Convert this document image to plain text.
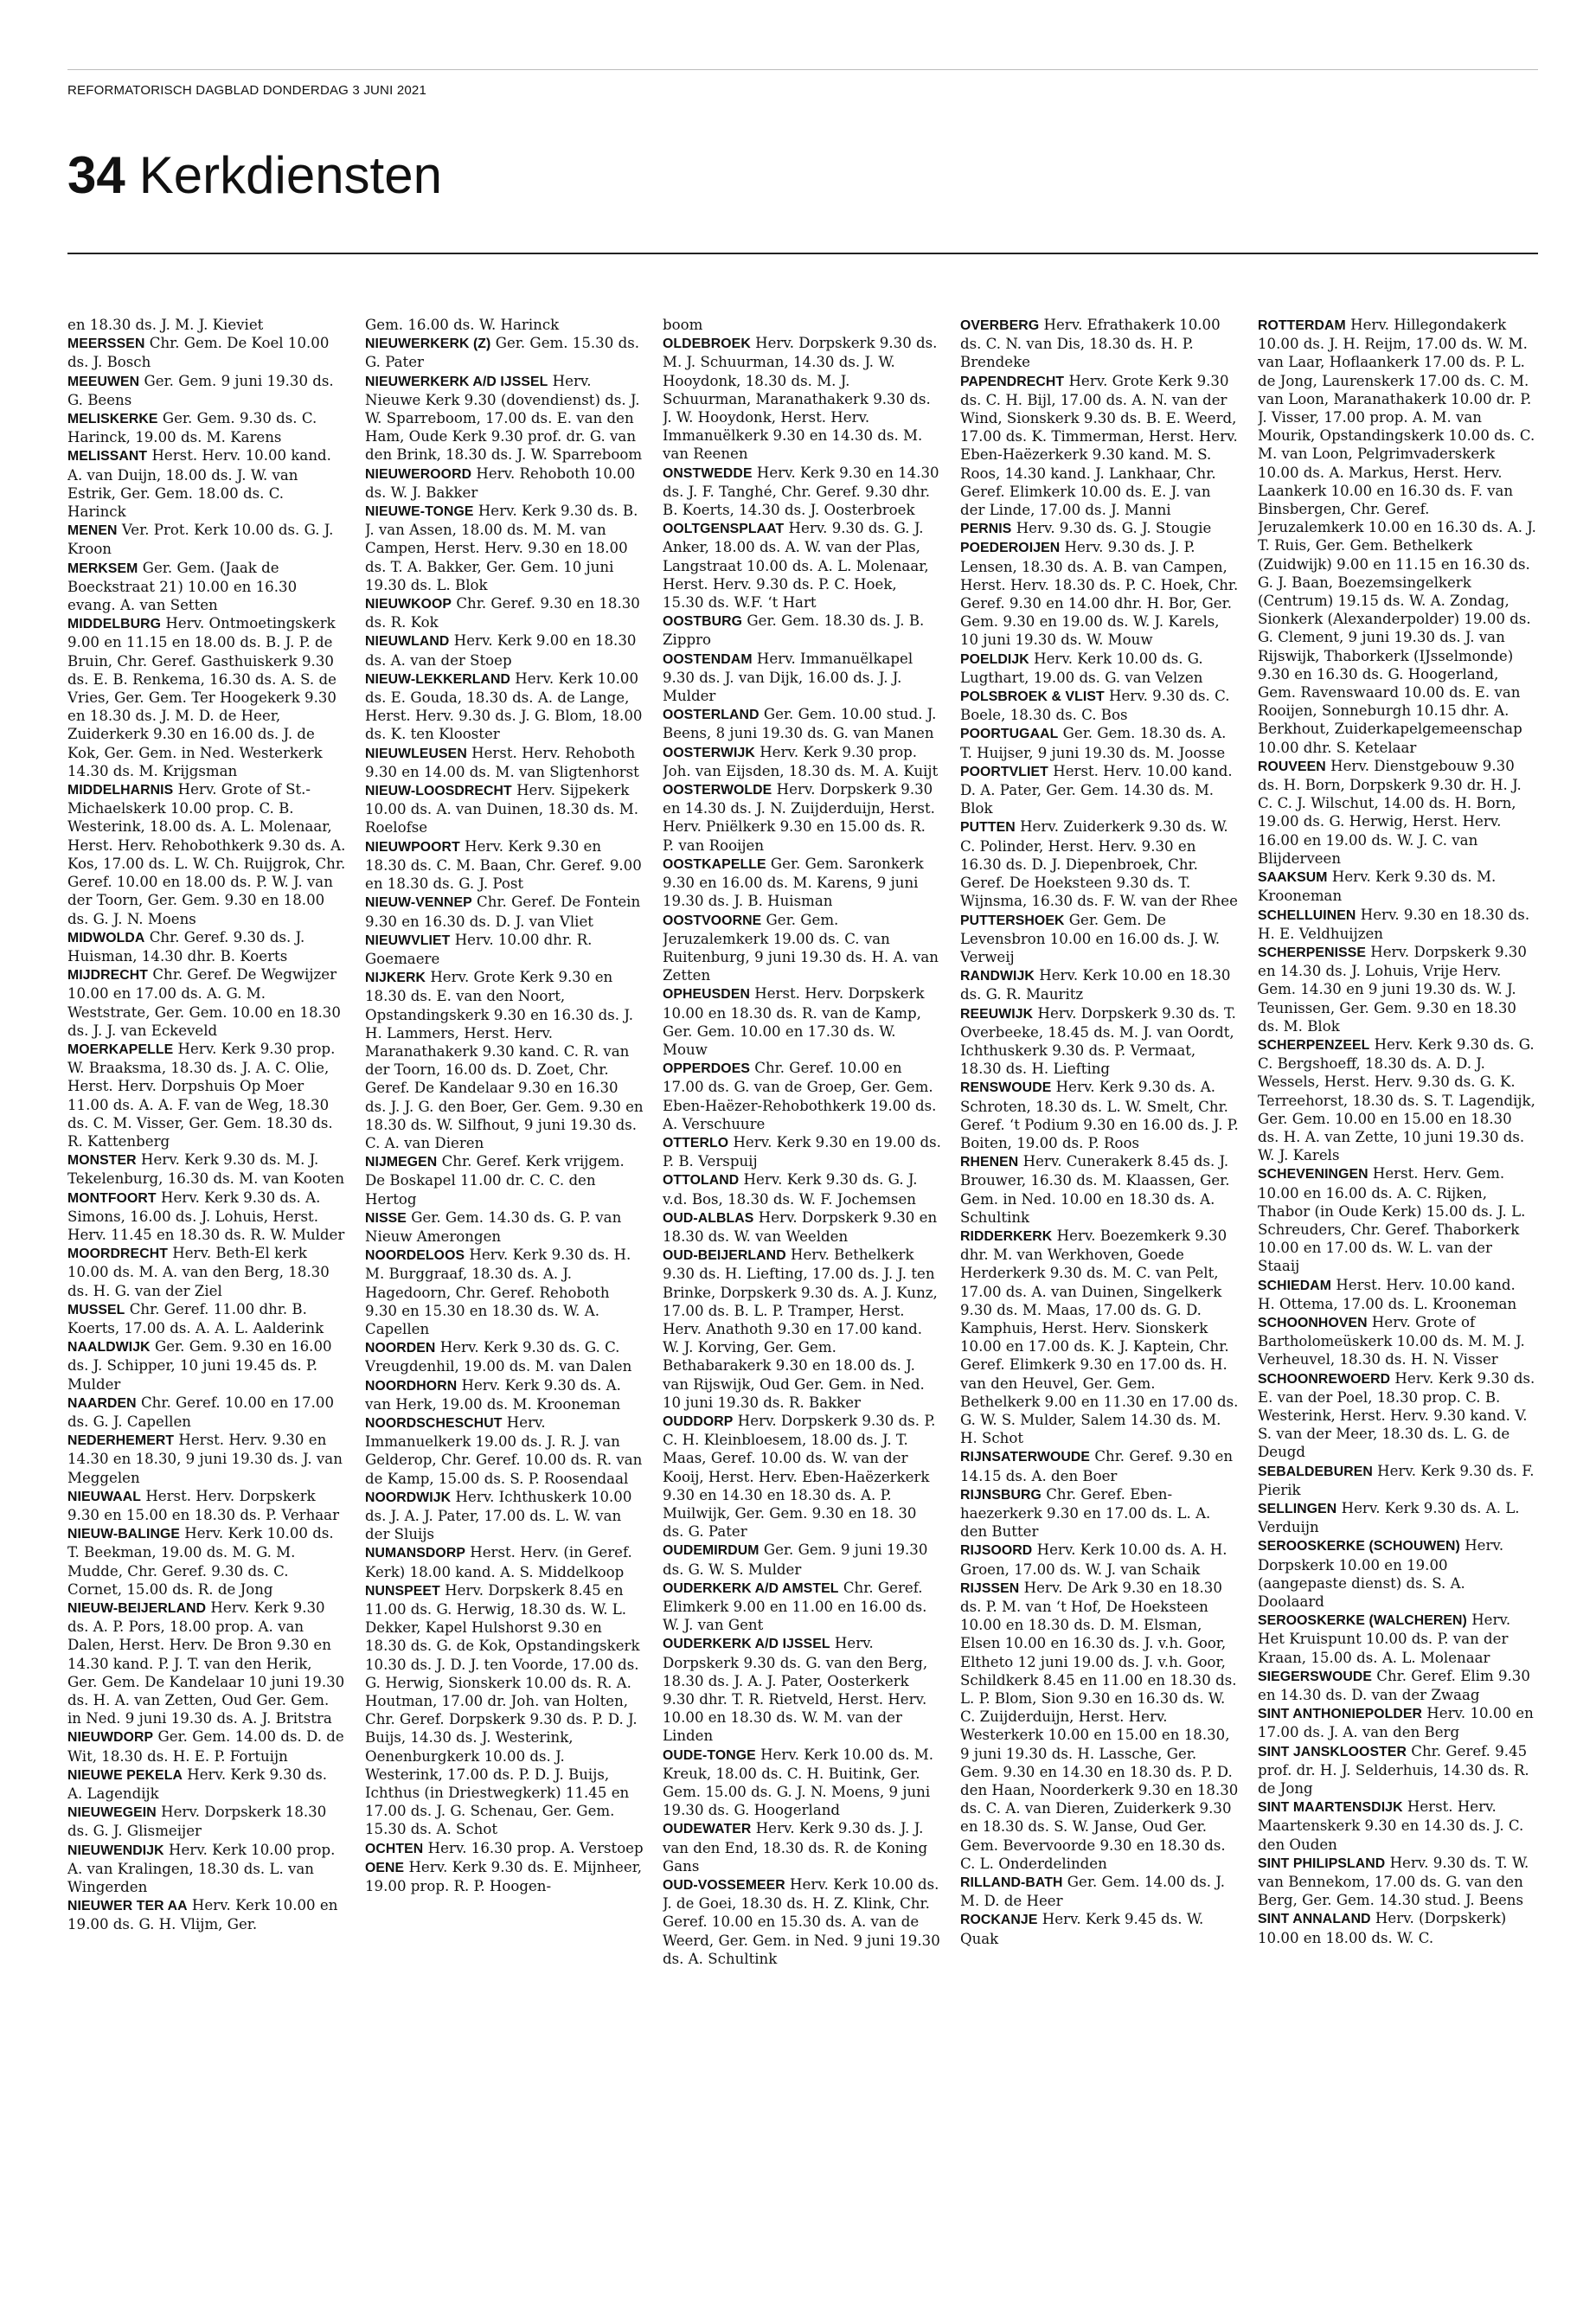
REFORMATORISCH DAGBLAD DONDERDAG 3 JUNI 2021
34 Kerkdiensten

en 18.30 ds. J. M. J. Kieviet

MEERSSEN Chr. Gem. De Koel 10.00 ds. J. Bosch

MEEUWEN Ger. Gem. 9 juni 19.30 ds. G. Beens

MELISKERKE Ger. Gem. 9.30 ds. C. Harinck, 19.00 ds. M. Karens

MELISSANT Herst. Herv. 10.00 kand. A. van Duijn, 18.00 ds. J. W. van Estrik, Ger. Gem. 18.00 ds. C. Harinck

MENEN Ver. Prot. Kerk 10.00 ds. G. J. Kroon

MERKSEM Ger. Gem. (Jaak de Boeckstraat 21) 10.00 en 16.30 evang. A. van Setten

MIDDELBURG Herv. Ontmoetingskerk 9.00 en 11.15 en 18.00 ds. B. J. P. de Bruin, Chr. Geref. Gasthuiskerk 9.30 ds. E. B. Renkema, 16.30 ds. A. S. de Vries, Ger. Gem. Ter Hoogekerk 9.30 en 18.30 ds. J. M. D. de Heer, Zuiderkerk 9.30 en 16.00 ds. J. de Kok, Ger. Gem. in Ned. Westerkerk 14.30 ds. M. Krijgsman

MIDDELHARNIS Herv. Grote of St.-Michaelskerk 10.00 prop. C. B. Westerink, 18.00 ds. A. L. Molenaar, Herst. Herv. Rehobothkerk 9.30 ds. A. Kos, 17.00 ds. L. W. Ch. Ruijgrok, Chr. Geref. 10.00 en 18.00 ds. P. W. J. van der Toorn, Ger. Gem. 9.30 en 18.00 ds. G. J. N. Moens

MIDWOLDA Chr. Geref. 9.30 ds. J. Huisman, 14.30 dhr. B. Koerts

MIJDRECHT Chr. Geref. De Wegwijzer 10.00 en 17.00 ds. A. G. M. Weststrate, Ger. Gem. 10.00 en 18.30 ds. J. J. van Eckeveld

MOERKAPELLE Herv. Kerk 9.30 prop. W. Braaksma, 18.30 ds. J. A. C. Olie, Herst. Herv. Dorpshuis Op Moer 11.00 ds. A. A. F. van de Weg, 18.30 ds. C. M. Visser, Ger. Gem. 18.30 ds. R. Kattenberg

MONSTER Herv. Kerk 9.30 ds. M. J. Tekelenburg, 16.30 ds. M. van Kooten

MONTFOORT Herv. Kerk 9.30 ds. A. Simons, 16.00 ds. J. Lohuis, Herst. Herv. 11.45 en 18.30 ds. R. W. Mulder

MOORDRECHT Herv. Beth-El kerk 10.00 ds. M. A. van den Berg, 18.30 ds. H. G. van der Ziel

MUSSEL Chr. Geref. 11.00 dhr. B. Koerts, 17.00 ds. A. A. L. Aalderink

NAALDWIJK Ger. Gem. 9.30 en 16.00 ds. J. Schipper, 10 juni 19.45 ds. P. Mulder

NAARDEN Chr. Geref. 10.00 en 17.00 ds. G. J. Capellen

NEDERHEMERT Herst. Herv. 9.30 en 14.30 en 18.30, 9 juni 19.30 ds. J. van Meggelen

NIEUWAAL Herst. Herv. Dorpskerk 9.30 en 15.00 en 18.30 ds. P. Verhaar

NIEUW-BALINGE Herv. Kerk 10.00 ds. T. Beekman, 19.00 ds. M. G. M. Mudde, Chr. Geref. 9.30 ds. C. Cornet, 15.00 ds. R. de Jong

NIEUW-BEIJERLAND Herv. Kerk 9.30 ds. A. P. Pors, 18.00 prop. A. van Dalen, Herst. Herv. De Bron 9.30 en 14.30 kand. P. J. T. van den Herik, Ger. Gem. De Kandelaar 10 juni 19.30 ds. H. A. van Zetten, Oud Ger. Gem. in Ned. 9 juni 19.30 ds. A. J. Britstra

NIEUWDORP Ger. Gem. 14.00 ds. D. de Wit, 18.30 ds. H. E. P. Fortuijn

NIEUWE PEKELA Herv. Kerk 9.30 ds. A. Lagendijk

NIEUWEGEIN Herv. Dorpskerk 18.30 ds. G. J. Glismeijer

NIEUWENDIJK Herv. Kerk 10.00 prop. A. van Kralingen, 18.30 ds. L. van Wingerden

NIEUWER TER AA Herv. Kerk 10.00 en 19.00 ds. G. H. Vlijm, Ger.

Gem. 16.00 ds. W. Harinck

NIEUWERKERK (Z) Ger. Gem. 15.30 ds. G. Pater

NIEUWERKERK A/D IJSSEL Herv. Nieuwe Kerk 9.30 (dovendienst) ds. J. W. Sparreboom, 17.00 ds. E. van den Ham, Oude Kerk 9.30 prof. dr. G. van den Brink, 18.30 ds. J. W. Sparreboom

NIEUWEROORD Herv. Rehoboth 10.00 ds. W. J. Bakker

NIEUWE-TONGE Herv. Kerk 9.30 ds. B. J. van Assen, 18.00 ds. M. M. van Campen, Herst. Herv. 9.30 en 18.00 ds. T. A. Bakker, Ger. Gem. 10 juni 19.30 ds. L. Blok

NIEUWKOOP Chr. Geref. 9.30 en 18.30 ds. R. Kok

NIEUWLAND Herv. Kerk 9.00 en 18.30 ds. A. van der Stoep

NIEUW-LEKKERLAND Herv. Kerk 10.00 ds. E. Gouda, 18.30 ds. A. de Lange, Herst. Herv. 9.30 ds. J. G. Blom, 18.00 ds. K. ten Klooster

NIEUWLEUSEN Herst. Herv. Rehoboth 9.30 en 14.00 ds. M. van Sligtenhorst

NIEUW-LOOSDRECHT Herv. Sijpekerk 10.00 ds. A. van Duinen, 18.30 ds. M. Roelofse

NIEUWPOORT Herv. Kerk 9.30 en 18.30 ds. C. M. Baan, Chr. Geref. 9.00 en 18.30 ds. G. J. Post

NIEUW-VENNEP Chr. Geref. De Fontein 9.30 en 16.30 ds. D. J. van Vliet

NIEUWVLIET Herv. 10.00 dhr. R. Goemaere

NIJKERK Herv. Grote Kerk 9.30 en 18.30 ds. E. van den Noort, Opstandingskerk 9.30 en 16.30 ds. J. H. Lammers, Herst. Herv. Maranathakerk 9.30 kand. C. R. van der Toorn, 16.00 ds. D. Zoet, Chr. Geref. De Kandelaar 9.30 en 16.30 ds. J. J. G. den Boer, Ger. Gem. 9.30 en 18.30 ds. W. Silfhout, 9 juni 19.30 ds. C. A. van Dieren

NIJMEGEN Chr. Geref. Kerk vrijgem. De Boskapel 11.00 dr. C. C. den Hertog

NISSE Ger. Gem. 14.30 ds. G. P. van Nieuw Amerongen

NOORDELOOS Herv. Kerk 9.30 ds. H. M. Burggraaf, 18.30 ds. A. J. Hagedoorn, Chr. Geref. Rehoboth 9.30 en 15.30 en 18.30 ds. W. A. Capellen

NOORDEN Herv. Kerk 9.30 ds. G. C. Vreugdenhil, 19.00 ds. M. van Dalen

NOORDHORN Herv. Kerk 9.30 ds. A. van Herk, 19.00 ds. M. Krooneman

NOORDSCHESCHUT Herv. Immanuelkerk 19.00 ds. J. R. J. van Gelderop, Chr. Geref. 10.00 ds. R. van de Kamp, 15.00 ds. S. P. Roosendaal

NOORDWIJK Herv. Ichthuskerk 10.00 ds. J. A. J. Pater, 17.00 ds. L. W. van der Sluijs

NUMANSDORP Herst. Herv. (in Geref. Kerk) 18.00 kand. A. S. Middelkoop

NUNSPEET Herv. Dorpskerk 8.45 en 11.00 ds. G. Herwig, 18.30 ds. W. L. Dekker, Kapel Hulshorst 9.30 en 18.30 ds. G. de Kok, Opstandingskerk 10.30 ds. J. D. J. ten Voorde, 17.00 ds. G. Herwig, Sionskerk 10.00 ds. R. A. Houtman, 17.00 dr. Joh. van Holten, Chr. Geref. Dorpskerk 9.30 ds. P. D. J. Buijs, 14.30 ds. J. Westerink, Oenenburgkerk 10.00 ds. J. Westerink, 17.00 ds. P. D. J. Buijs, Ichthus (in Driestwegkerk) 11.45 en 17.00 ds. J. G. Schenau, Ger. Gem. 15.30 ds. A. Schot

OCHTEN Herv. 16.30 prop. A. Verstoep

OENE Herv. Kerk 9.30 ds. E. Mijnheer, 19.00 prop. R. P. Hoogen-

boom

OLDEBROEK Herv. Dorpskerk 9.30 ds. M. J. Schuurman, 14.30 ds. J. W. Hooydonk, 18.30 ds. M. J. Schuurman, Maranathakerk 9.30 ds. J. W. Hooydonk, Herst. Herv. Immanuëlkerk 9.30 en 14.30 ds. M. van Reenen

ONSTWEDDE Herv. Kerk 9.30 en 14.30 ds. J. F. Tanghé, Chr. Geref. 9.30 dhr. B. Koerts, 14.30 ds. J. Oosterbroek

OOLTGENSPLAAT Herv. 9.30 ds. G. J. Anker, 18.00 ds. A. W. van der Plas, Langstraat 10.00 ds. A. L. Molenaar, Herst. Herv. 9.30 ds. P. C. Hoek, 15.30 ds. W.F. ‘t Hart

OOSTBURG Ger. Gem. 18.30 ds. J. B. Zippro

OOSTENDAM Herv. Immanuëlkapel 9.30 ds. J. van Dijk, 16.00 ds. J. J. Mulder

OOSTERLAND Ger. Gem. 10.00 stud. J. Beens, 8 juni 19.30 ds. G. van Manen

OOSTERWIJK Herv. Kerk 9.30 prop. Joh. van Eijsden, 18.30 ds. M. A. Kuijt

OOSTERWOLDE Herv. Dorpskerk 9.30 en 14.30 ds. J. N. Zuijderduijn, Herst. Herv. Pniëlkerk 9.30 en 15.00 ds. R. P. van Rooijen

OOSTKAPELLE Ger. Gem. Saronkerk 9.30 en 16.00 ds. M. Karens, 9 juni 19.30 ds. J. B. Huisman

OOSTVOORNE Ger. Gem. Jeruzalemkerk 19.00 ds. C. van Ruitenburg, 9 juni 19.30 ds. H. A. van Zetten

OPHEUSDEN Herst. Herv. Dorpskerk 10.00 en 18.30 ds. R. van de Kamp, Ger. Gem. 10.00 en 17.30 ds. W. Mouw

OPPERDOES Chr. Geref. 10.00 en 17.00 ds. G. van de Groep, Ger. Gem. Eben-Haëzer-Rehobothkerk 19.00 ds. A. Verschuure

OTTERLO Herv. Kerk 9.30 en 19.00 ds. P. B. Verspuij

OTTOLAND Herv. Kerk 9.30 ds. G. J. v.d. Bos, 18.30 ds. W. F. Jochemsen

OUD-ALBLAS Herv. Dorpskerk 9.30 en 18.30 ds. W. van Weelden

OUD-BEIJERLAND Herv. Bethelkerk 9.30 ds. H. Liefting, 17.00 ds. J. J. ten Brinke, Dorpskerk 9.30 ds. A. J. Kunz, 17.00 ds. B. L. P. Tramper, Herst. Herv. Anathoth 9.30 en 17.00 kand. W. J. Korving, Ger. Gem. Bethabarakerk 9.30 en 18.00 ds. J. van Rijswijk, Oud Ger. Gem. in Ned. 10 juni 19.30 ds. R. Bakker

OUDDORP Herv. Dorpskerk 9.30 ds. P. C. H. Kleinbloesem, 18.00 ds. J. T. Maas, Geref. 10.00 ds. W. van der Kooij, Herst. Herv. Eben-Haëzerkerk 9.30 en 14.30 en 18.30 ds. A. P. Muilwijk, Ger. Gem. 9.30 en 18. 30 ds. G. Pater

OUDEMIRDUM Ger. Gem. 9 juni 19.30 ds. G. W. S. Mulder

OUDERKERK A/D AMSTEL Chr. Geref. Elimkerk 9.00 en 11.00 en 16.00 ds. W. J. van Gent

OUDERKERK A/D IJSSEL Herv. Dorpskerk 9.30 ds. G. van den Berg, 18.30 ds. J. A. J. Pater, Oosterkerk 9.30 dhr. T. R. Rietveld, Herst. Herv. 10.00 en 18.30 ds. W. M. van der Linden

OUDE-TONGE Herv. Kerk 10.00 ds. M. Kreuk, 18.00 ds. C. H. Buitink, Ger. Gem. 15.00 ds. G. J. N. Moens, 9 juni 19.30 ds. G. Hoogerland

OUDEWATER Herv. Kerk 9.30 ds. J. J. van den End, 18.30 ds. R. de Koning Gans

OUD-VOSSEMEER Herv. Kerk 10.00 ds. J. de Goei, 18.30 ds. H. Z. Klink, Chr. Geref. 10.00 en 15.30 ds. A. van de Weerd, Ger. Gem. in Ned. 9 juni 19.30 ds. A. Schultink

OVERBERG Herv. Efrathakerk 10.00 ds. C. N. van Dis, 18.30 ds. H. P. Brendeke

PAPENDRECHT Herv. Grote Kerk 9.30 ds. C. H. Bijl, 17.00 ds. A. N. van der Wind, Sionskerk 9.30 ds. B. E. Weerd, 17.00 ds. K. Timmerman, Herst. Herv. Eben-Haëzerkerk 9.30 kand. M. S. Roos, 14.30 kand. J. Lankhaar, Chr. Geref. Elimkerk 10.00 ds. E. J. van der Linde, 17.00 ds. J. Manni

PERNIS Herv. 9.30 ds. G. J. Stougie

POEDEROIJEN Herv. 9.30 ds. J. P. Lensen, 18.30 ds. A. B. van Campen, Herst. Herv. 18.30 ds. P. C. Hoek, Chr. Geref. 9.30 en 14.00 dhr. H. Bor, Ger. Gem. 9.30 en 19.00 ds. W. J. Karels, 10 juni 19.30 ds. W. Mouw

POELDIJK Herv. Kerk 10.00 ds. G. Lugthart, 19.00 ds. G. van Velzen

POLSBROEK & VLIST Herv. 9.30 ds. C. Boele, 18.30 ds. C. Bos

POORTUGAAL Ger. Gem. 18.30 ds. A. T. Huijser, 9 juni 19.30 ds. M. Joosse

POORTVLIET Herst. Herv. 10.00 kand. D. A. Pater, Ger. Gem. 14.30 ds. M. Blok

PUTTEN Herv. Zuiderkerk 9.30 ds. W. C. Polinder, Herst. Herv. 9.30 en 16.30 ds. D. J. Diepenbroek, Chr. Geref. De Hoeksteen 9.30 ds. T. Wijnsma, 16.30 ds. F. W. van der Rhee

PUTTERSHOEK Ger. Gem. De Levensbron 10.00 en 16.00 ds. J. W. Verweij

RANDWIJK Herv. Kerk 10.00 en 18.30 ds. G. R. Mauritz

REEUWIJK Herv. Dorpskerk 9.30 ds. T. Overbeeke, 18.45 ds. M. J. van Oordt, Ichthuskerk 9.30 ds. P. Vermaat, 18.30 ds. H. Liefting

RENSWOUDE Herv. Kerk 9.30 ds. A. Schroten, 18.30 ds. L. W. Smelt, Chr. Geref. ‘t Podium 9.30 en 16.00 ds. J. P. Boiten, 19.00 ds. P. Roos

RHENEN Herv. Cunerakerk 8.45 ds. J. Brouwer, 16.30 ds. M. Klaassen, Ger. Gem. in Ned. 10.00 en 18.30 ds. A. Schultink

RIDDERKERK Herv. Boezemkerk 9.30 dhr. M. van Werkhoven, Goede Herderkerk 9.30 ds. M. C. van Pelt, 17.00 ds. A. van Duinen, Singelkerk 9.30 ds. M. Maas, 17.00 ds. G. D. Kamphuis, Herst. Herv. Sionskerk 10.00 en 17.00 ds. K. J. Kaptein, Chr. Geref. Elimkerk 9.30 en 17.00 ds. H. van den Heuvel, Ger. Gem. Bethelkerk 9.00 en 11.30 en 17.00 ds. G. W. S. Mulder, Salem 14.30 ds. M. H. Schot

RIJNSATERWOUDE Chr. Geref. 9.30 en 14.15 ds. A. den Boer

RIJNSBURG Chr. Geref. Eben-haezerkerk 9.30 en 17.00 ds. L. A. den Butter

RIJSOORD Herv. Kerk 10.00 ds. A. H. Groen, 17.00 ds. W. J. van Schaik

RIJSSEN Herv. De Ark 9.30 en 18.30 ds. P. M. van ‘t Hof, De Hoeksteen 10.00 en 18.30 ds. D. M. Elsman, Elsen 10.00 en 16.30 ds. J. v.h. Goor, Eltheto 12 juni 19.00 ds. J. v.h. Goor, Schildkerk 8.45 en 11.00 en 18.30 ds. L. P. Blom, Sion 9.30 en 16.30 ds. W. C. Zuijderduijn, Herst. Herv. Westerkerk 10.00 en 15.00 en 18.30, 9 juni 19.30 ds. H. Lassche, Ger. Gem. 9.30 en 14.30 en 18.30 ds. P. D. den Haan, Noorderkerk 9.30 en 18.30 ds. C. A. van Dieren, Zuiderkerk 9.30 en 18.30 ds. S. W. Janse, Oud Ger. Gem. Bevervoorde 9.30 en 18.30 ds. C. L. Onderdelinden

RILLAND-BATH Ger. Gem. 14.00 ds. J. M. D. de Heer

ROCKANJE Herv. Kerk 9.45 ds. W. Quak

ROTTERDAM Herv. Hillegondakerk 10.00 ds. J. H. Reijm, 17.00 ds. W. M. van Laar, Hoflaankerk 17.00 ds. P. L. de Jong, Laurenskerk 17.00 ds. C. M. van Loon, Maranathakerk 10.00 dr. P. J. Visser, 17.00 prop. A. M. van Mourik, Opstandingskerk 10.00 ds. C. M. van Loon, Pelgrimvaderskerk 10.00 ds. A. Markus, Herst. Herv. Laankerk 10.00 en 16.30 ds. F. van Binsbergen, Chr. Geref. Jeruzalemkerk 10.00 en 16.30 ds. A. J. T. Ruis, Ger. Gem. Bethelkerk (Zuidwijk) 9.00 en 11.15 en 16.30 ds. G. J. Baan, Boezemsingelkerk (Centrum) 19.15 ds. W. A. Zondag, Sionkerk (Alexanderpolder) 19.00 ds. G. Clement, 9 juni 19.30 ds. J. van Rijswijk, Thaborkerk (IJsselmonde) 9.30 en 16.30 ds. G. Hoogerland, Gem. Ravenswaard 10.00 ds. E. van Rooijen, Sonneburgh 10.15 dhr. A. Berkhout, Zuiderkapelgemeenschap 10.00 dhr. S. Ketelaar

ROUVEEN Herv. Dienstgebouw 9.30 ds. H. Born, Dorpskerk 9.30 dr. H. J. C. C. J. Wilschut, 14.00 ds. H. Born, 19.00 ds. G. Herwig, Herst. Herv. 16.00 en 19.00 ds. W. J. C. van Blijderveen

SAAKSUM Herv. Kerk 9.30 ds. M. Krooneman

SCHELLUINEN Herv. 9.30 en 18.30 ds. H. E. Veldhuijzen

SCHERPENISSE Herv. Dorpskerk 9.30 en 14.30 ds. J. Lohuis, Vrije Herv. Gem. 14.30 en 9 juni 19.30 ds. W. J. Teunissen, Ger. Gem. 9.30 en 18.30 ds. M. Blok

SCHERPENZEEL Herv. Kerk 9.30 ds. G. C. Bergshoeff, 18.30 ds. A. D. J. Wessels, Herst. Herv. 9.30 ds. G. K. Terreehorst, 18.30 ds. S. T. Lagendijk, Ger. Gem. 10.00 en 15.00 en 18.30 ds. H. A. van Zette, 10 juni 19.30 ds. W. J. Karels

SCHEVENINGEN Herst. Herv. Gem. 10.00 en 16.00 ds. A. C. Rijken, Thabor (in Oude Kerk) 15.00 ds. J. L. Schreuders, Chr. Geref. Thaborkerk 10.00 en 17.00 ds. W. L. van der Staaij

SCHIEDAM Herst. Herv. 10.00 kand. H. Ottema, 17.00 ds. L. Krooneman

SCHOONHOVEN Herv. Grote of Bartholomeüskerk 10.00 ds. M. M. J. Verheuvel, 18.30 ds. H. N. Visser

SCHOONREWOERD Herv. Kerk 9.30 ds. E. van der Poel, 18.30 prop. C. B. Westerink, Herst. Herv. 9.30 kand. V. S. van der Meer, 18.30 ds. L. G. de Deugd

SEBALDEBUREN Herv. Kerk 9.30 ds. F. Pierik

SELLINGEN Herv. Kerk 9.30 ds. A. L. Verduijn

SEROOSKERKE (SCHOUWEN) Herv. Dorpskerk 10.00 en 19.00 (aangepaste dienst) ds. S. A. Doolaard

SEROOSKERKE (WALCHEREN) Herv. Het Kruispunt 10.00 ds. P. van der Kraan, 15.00 ds. A. L. Molenaar

SIEGERSWOUDE Chr. Geref. Elim 9.30 en 14.30 ds. D. van der Zwaag

SINT ANTHONIEPOLDER Herv. 10.00 en 17.00 ds. J. A. van den Berg

SINT JANSKLOOSTER Chr. Geref. 9.45 prof. dr. H. J. Selderhuis, 14.30 ds. R. de Jong

SINT MAARTENSDIJK Herst. Herv. Maartenskerk 9.30 en 14.30 ds. J. C. den Ouden

SINT PHILIPSLAND Herv. 9.30 ds. T. W. van Bennekom, 17.00 ds. G. van den Berg, Ger. Gem. 14.30 stud. J. Beens

SINT ANNALAND Herv. (Dorpskerk) 10.00 en 18.00 ds. W. C.
